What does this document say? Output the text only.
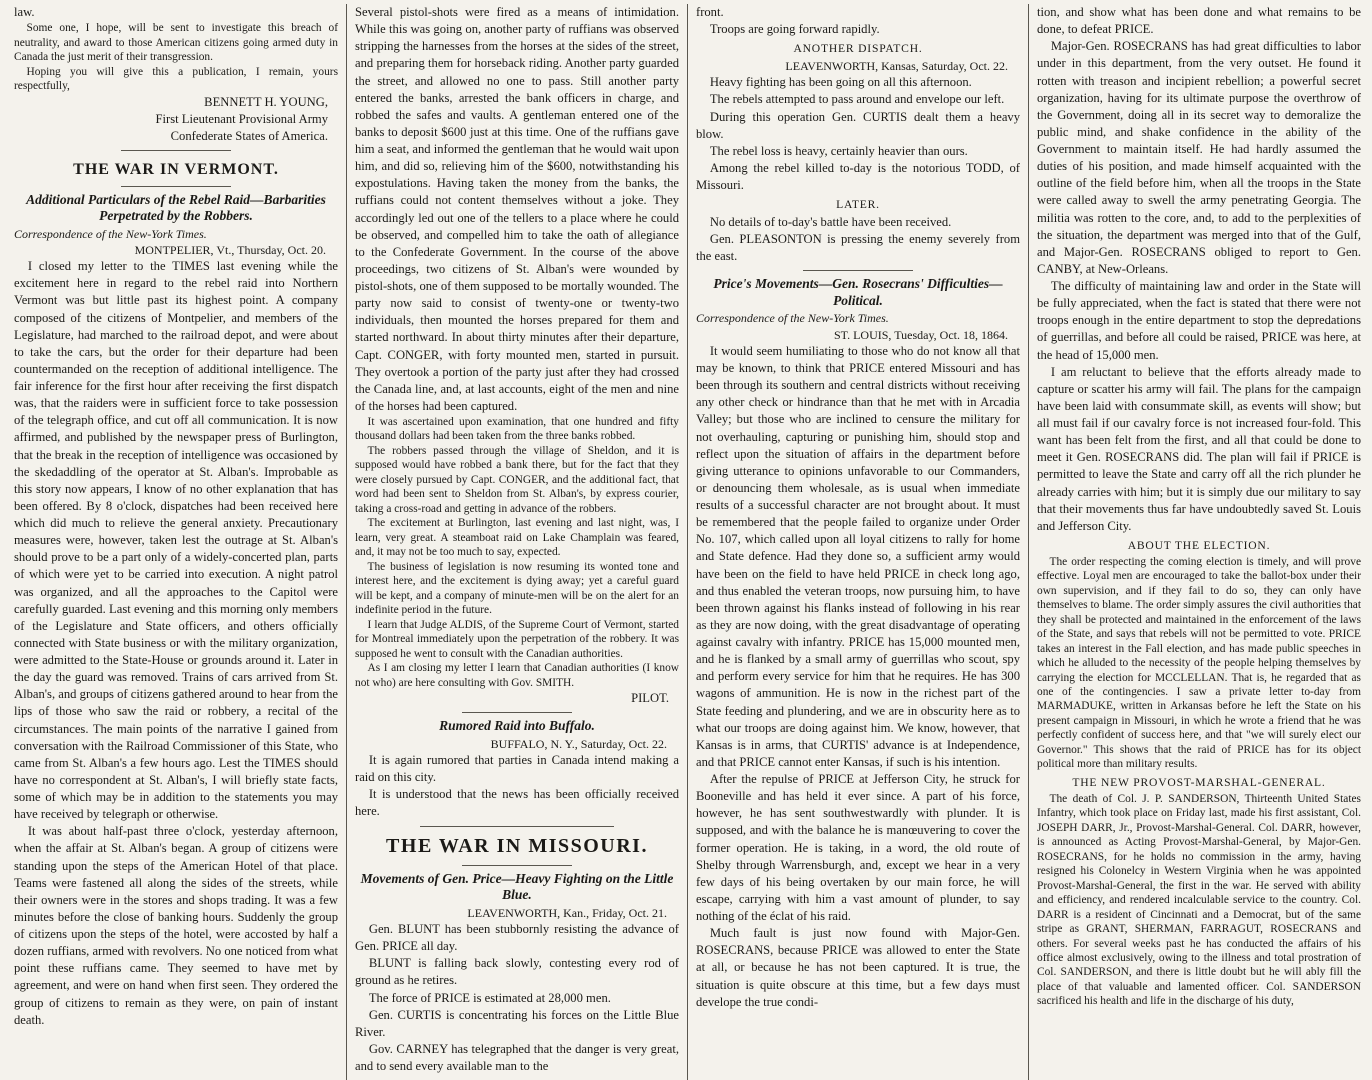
law.

Some one, I hope, will be sent to investigate this breach of neutrality, and award to those American citizens going armed duty in Canada the just merit of their transgression.

Hoping you will give this a publication, I remain, yours respectfully,

BENNETT H. YOUNG,
First Lieutenant Provisional Army
Confederate States of America.
THE WAR IN VERMONT.
Additional Particulars of the Rebel Raid—Barbarities Perpetrated by the Robbers.
Correspondence of the New-York Times.
MONTPELIER, Vt., Thursday, Oct. 20.

I closed my letter to the TIMES last evening while the excitement here in regard to the rebel raid into Northern Vermont was but little past its highest point. A company composed of the citizens of Montpelier, and members of the Legislature, had marched to the railroad depot, and were about to take the cars, but the order for their departure had been countermanded on the reception of additional intelligence. The fair inference for the first hour after receiving the first dispatch was, that the raiders were in sufficient force to take possession of the telegraph office, and cut off all communication. It is now affirmed, and published by the newspaper press of Burlington, that the break in the reception of intelligence was occasioned by the skedaddling of the operator at St. Alban's. Improbable as this story now appears, I know of no other explanation that has been offered. By 8 o'clock, dispatches had been received here which did much to relieve the general anxiety. Precautionary measures were, however, taken lest the outrage at St. Alban's should prove to be a part only of a widely-concerted plan, parts of which were yet to be carried into execution. A night patrol was organized, and all the approaches to the Capitol were carefully guarded. Last evening and this morning only members of the Legislature and State officers, and others officially connected with State business or with the military organization, were admitted to the State-House or grounds around it. Later in the day the guard was removed. Trains of cars arrived from St. Alban's, and groups of citizens gathered around to hear from the lips of those who saw the raid or robbery, a recital of the circumstances. The main points of the narrative I gained from conversation with the Railroad Commissioner of this State, who came from St. Alban's a few hours ago. Lest the TIMES should have no correspondent at St. Alban's, I will briefly state facts, some of which may be in addition to the statements you may have received by telegraph or otherwise.

It was about half-past three o'clock, yesterday afternoon, when the affair at St. Alban's began. A group of citizens were standing upon the steps of the American Hotel of that place. Teams were fastened all along the sides of the streets, while their owners were in the stores and shops trading. It was a few minutes before the close of banking hours. Suddenly the group of citizens upon the steps of the hotel, were accosted by half a dozen ruffians, armed with revolvers. No one noticed from what point these ruffians came. They seemed to have met by agreement, and were on hand when first seen. They ordered the group of citizens to remain as they were, on pain of instant death.

Several pistol-shots were fired as a means of intimidation. While this was going on, another party of ruffians was observed stripping the harnesses from the horses at the sides of the street, and preparing them for horseback riding. Another party guarded the street, and allowed no one to pass. Still another party entered the banks, arrested the bank officers in charge, and robbed the safes and vaults. A gentleman entered one of the banks to deposit $600 just at this time. One of the ruffians gave him a seat, and informed the gentleman that he would wait upon him, and did so, relieving him of the $600, notwithstanding his expostulations. Having taken the money from the banks, the ruffians could not content themselves without a joke. They accordingly led out one of the tellers to a place where he could be observed, and compelled him to take the oath of allegiance to the Confederate Government. In the course of the above proceedings, two citizens of St. Alban's were wounded by pistol-shots, one of them supposed to be mortally wounded. The party now said to consist of twenty-one or twenty-two individuals, then mounted the horses prepared for them and started northward. In about thirty minutes after their departure, Capt. CONGER, with forty mounted men, started in pursuit. They overtook a portion of the party just after they had crossed the Canada line, and, at last accounts, eight of the men and nine of the horses had been captured.

It was ascertained upon examination, that one hundred and fifty thousand dollars had been taken from the three banks robbed.

The robbers passed through the village of Sheldon, and it is supposed would have robbed a bank there, but for the fact that they were closely pursued by Capt. CONGER, and the additional fact, that word had been sent to Sheldon from St. Alban's, by express courier, taking a cross-road and getting in advance of the robbers.

The excitement at Burlington, last evening and last night, was, I learn, very great. A steamboat raid on Lake Champlain was feared, and, it may not be too much to say, expected.

The business of legislation is now resuming its wonted tone and interest here, and the excitement is dying away; yet a careful guard will be kept, and a company of minute-men will be on the alert for an indefinite period in the future.

I learn that Judge ALDIS, of the Supreme Court of Vermont, started for Montreal immediately upon the perpetration of the robbery. It was supposed he went to consult with the Canadian authorities.

As I am closing my letter I learn that Canadian authorities (I know not who) are here consulting with Gov. SMITH.

PILOT.
Rumored Raid into Buffalo.
BUFFALO, N. Y., Saturday, Oct. 22.

It is again rumored that parties in Canada intend making a raid on this city.

It is understood that the news has been officially received here.

THE WAR IN MISSOURI.
Movements of Gen. Price—Heavy Fighting on the Little Blue.
LEAVENWORTH, Kan., Friday, Oct. 21.

Gen. BLUNT has been stubbornly resisting the advance of Gen. PRICE all day.

BLUNT is falling back slowly, contesting every rod of ground as he retires.

The force of PRICE is estimated at 28,000 men.

Gen. CURTIS is concentrating his forces on the Little Blue River.

Gov. CARNEY has telegraphed that the danger is very great, and to send every available man to the

front.

Troops are going forward rapidly.

ANOTHER DISPATCH.
LEAVENWORTH, Kansas, Saturday, Oct. 22.

Heavy fighting has been going on all this afternoon.

The rebels attempted to pass around and envelope our left.

During this operation Gen. CURTIS dealt them a heavy blow.

The rebel loss is heavy, certainly heavier than ours.

Among the rebel killed to-day is the notorious TODD, of Missouri.

LATER.

No details of to-day's battle have been received.

Gen. PLEASONTON is pressing the enemy severely from the east.

Price's Movements—Gen. Rosecrans' Difficulties—Political.
Correspondence of the New-York Times.
ST. LOUIS, Tuesday, Oct. 18, 1864.

It would seem humiliating to those who do not know all that may be known, to think that PRICE entered Missouri and has been through its southern and central districts without receiving any other check or hindrance than that he met with in Arcadia Valley; but those who are inclined to censure the military for not overhauling, capturing or punishing him, should stop and reflect upon the situation of affairs in the department before giving utterance to opinions unfavorable to our Commanders, or denouncing them wholesale, as is usual when immediate results of a successful character are not brought about. It must be remembered that the people failed to organize under Order No. 107, which called upon all loyal citizens to rally for home and State defence. Had they done so, a sufficient army would have been on the field to have held PRICE in check long ago, and thus enabled the veteran troops, now pursuing him, to have been thrown against his flanks instead of following in his rear as they are now doing, with the great disadvantage of operating against cavalry with infantry. PRICE has 15,000 mounted men, and he is flanked by a small army of guerrillas who scout, spy and perform every service for him that he requires. He has 300 wagons of ammunition. He is now in the richest part of the State feeding and plundering, and we are in obscurity here as to what our troops are doing against him. We know, however, that Kansas is in arms, that CURTIS' advance is at Independence, and that PRICE cannot enter Kansas, if such is his intention.

After the repulse of PRICE at Jefferson City, he struck for Booneville and has held it ever since. A part of his force, however, he has sent southwestwardly with plunder. It is supposed, and with the balance he is manœuvering to cover the former operation. He is taking, in a word, the old route of Shelby through Warrensburgh, and, except we hear in a very few days of his being overtaken by our main force, he will escape, carrying with him a vast amount of plunder, to say nothing of the éclat of his raid.

Much fault is just now found with Major-Gen. ROSECRANS, because PRICE was allowed to enter the State at all, or because he has not been captured. It is true, the situation is quite obscure at this time, but a few days must develope the true condi-

tion, and show what has been done and what remains to be done, to defeat PRICE.

Major-Gen. ROSECRANS has had great difficulties to labor under in this department, from the very outset. He found it rotten with treason and incipient rebellion; a powerful secret organization, having for its ultimate purpose the overthrow of the Government, doing all in its secret way to demoralize the public mind, and shake confidence in the ability of the Government to maintain itself. He had hardly assumed the duties of his position, and made himself acquainted with the outline of the field before him, when all the troops in the State were called away to swell the army penetrating Georgia. The militia was rotten to the core, and, to add to the perplexities of the situation, the department was merged into that of the Gulf, and Major-Gen. ROSECRANS obliged to report to Gen. CANBY, at New-Orleans.

The difficulty of maintaining law and order in the State will be fully appreciated, when the fact is stated that there were not troops enough in the entire department to stop the depredations of guerrillas, and before all could be raised, PRICE was here, at the head of 15,000 men.

I am reluctant to believe that the efforts already made to capture or scatter his army will fail. The plans for the campaign have been laid with consummate skill, as events will show; but all must fail if our cavalry force is not increased four-fold. This want has been felt from the first, and all that could be done to meet it Gen. ROSECRANS did. The plan will fail if PRICE is permitted to leave the State and carry off all the rich plunder he already carries with him; but it is simply due our military to say that their movements thus far have undoubtedly saved St. Louis and Jefferson City.

ABOUT THE ELECTION.

The order respecting the coming election is timely, and will prove effective. Loyal men are encouraged to take the ballot-box under their own supervision, and if they fail to do so, they can only have themselves to blame. The order simply assures the civil authorities that they shall be protected and maintained in the enforcement of the laws of the State, and says that rebels will not be permitted to vote. PRICE takes an interest in the Fall election, and has made public speeches in which he alluded to the necessity of the people helping themselves by carrying the election for MCCLELLAN. That is, he regarded that as one of the contingencies. I saw a private letter to-day from MARMADUKE, written in Arkansas before he left the State on his present campaign in Missouri, in which he wrote a friend that he was perfectly confident of success here, and that "we will surely elect our Governor." This shows that the raid of PRICE has for its object political more than military results.

THE NEW PROVOST-MARSHAL-GENERAL.

The death of Col. J. P. SANDERSON, Thirteenth United States Infantry, which took place on Friday last, made his first assistant, Col. JOSEPH DARR, Jr., Provost-Marshal-General. Col. DARR, however, is announced as Acting Provost-Marshal-General, by Major-Gen. ROSECRANS, for he holds no commission in the army, having resigned his Colonelcy in Western Virginia when he was appointed Provost-Marshal-General, the first in the war. He served with ability and efficiency, and rendered incalculable service to the country. Col. DARR is a resident of Cincinnati and a Democrat, but of the same stripe as GRANT, SHERMAN, FARRAGUT, ROSECRANS and others. For several weeks past he has conducted the affairs of his office almost exclusively, owing to the illness and total prostration of Col. SANDERSON, and there is little doubt but he will ably fill the place of that valuable and lamented officer. Col. SANDERSON sacrificed his health and life in the discharge of his duty,
